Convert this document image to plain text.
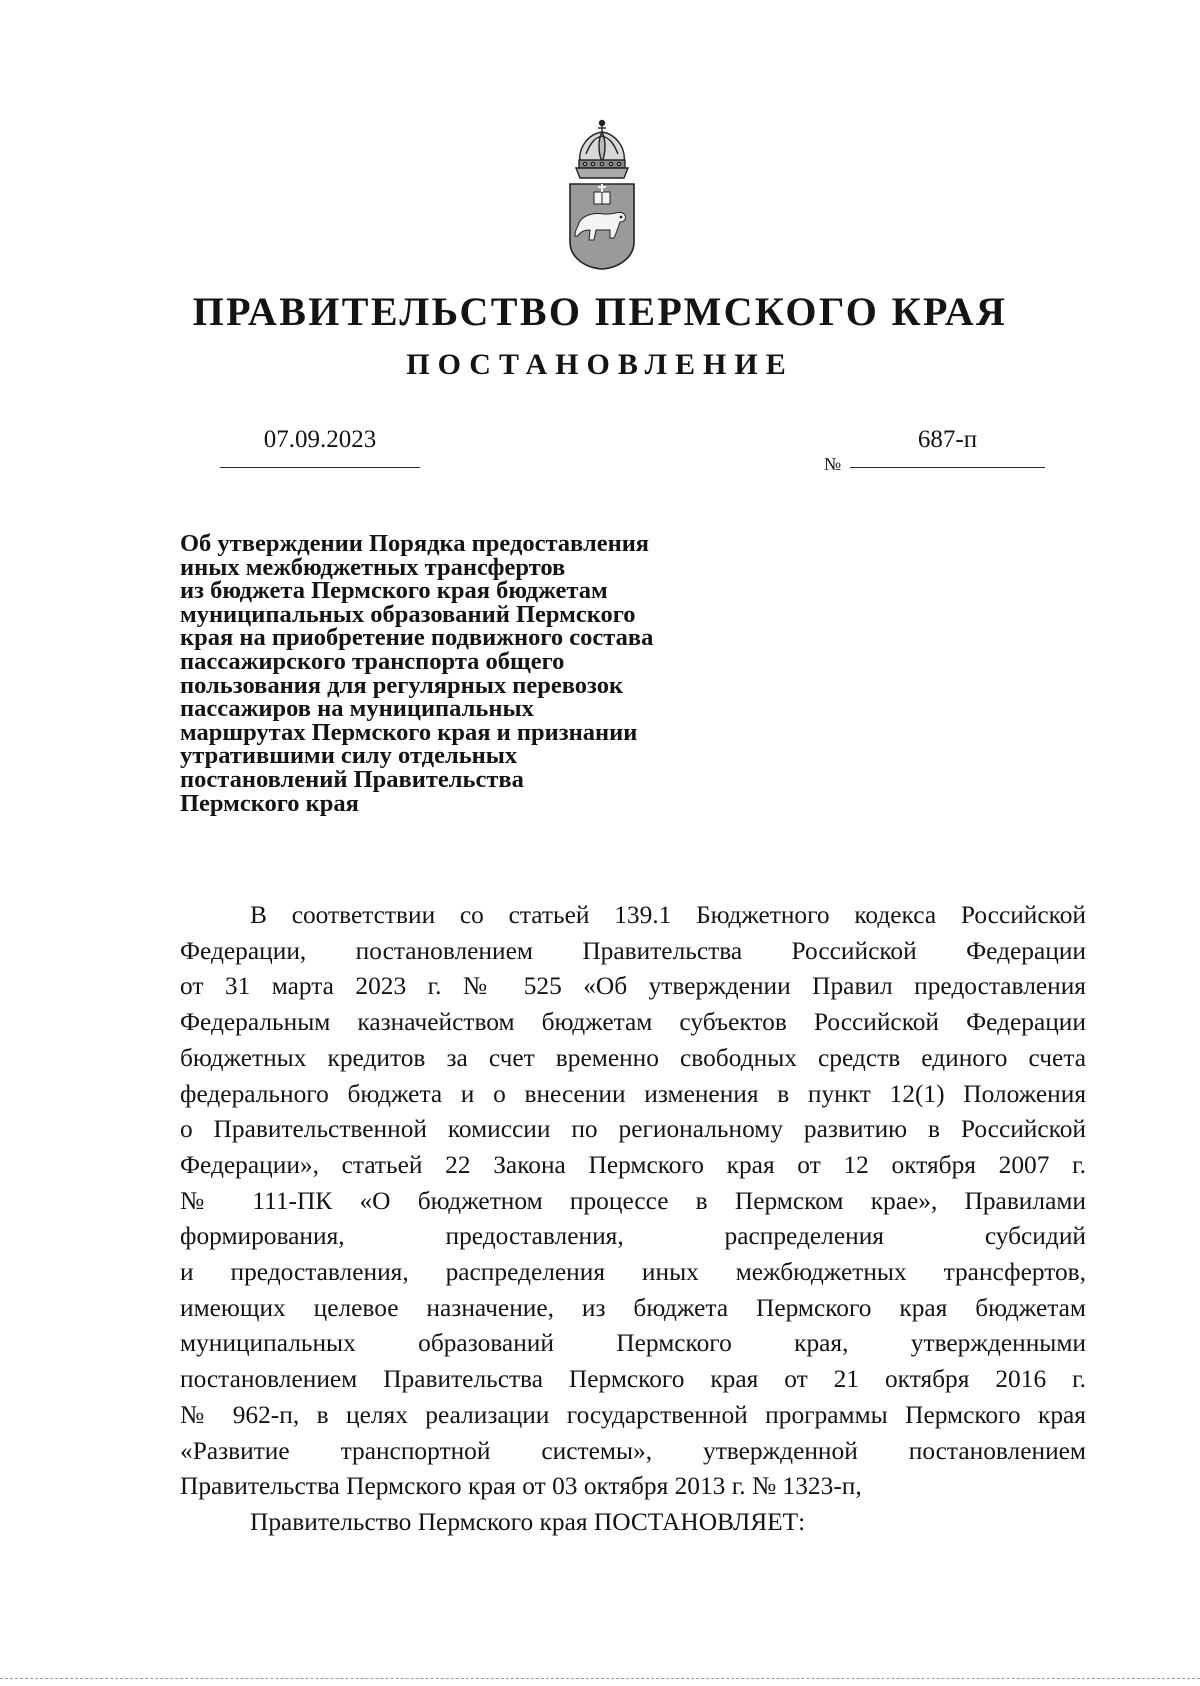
ПРАВИТЕЛЬСТВО ПЕРМСКОГО КРАЯ
ПОСТАНОВЛЕНИЕ
07.09.2023
№
687-п
Об утверждении Порядка предоставления
иных межбюджетных трансфертов
из бюджета Пермского края бюджетам
муниципальных образований Пермского
края на приобретение подвижного состава
пассажирского транспорта общего
пользования для регулярных перевозок
пассажиров на муниципальных
маршрутах Пермского края и признании
утратившими силу отдельных
постановлений Правительства
Пермского края
В соответствии со статьей 139.1 Бюджетного кодекса Российской
Федерации, постановлением Правительства Российской Федерации
от 31 марта 2023 г. № 525 «Об утверждении Правил предоставления
Федеральным казначейством бюджетам субъектов Российской Федерации
бюджетных кредитов за счет временно свободных средств единого счета
федерального бюджета и о внесении изменения в пункт 12(1) Положения
о Правительственной комиссии по региональному развитию в Российской
Федерации», статьей 22 Закона Пермского края от 12 октября 2007 г.
№ 111-ПК «О бюджетном процессе в Пермском крае», Правилами
формирования, предоставления, распределения субсидий
и предоставления, распределения иных межбюджетных трансфертов,
имеющих целевое назначение, из бюджета Пермского края бюджетам
муниципальных образований Пермского края, утвержденными
постановлением Правительства Пермского края от 21 октября 2016 г.
№ 962-п, в целях реализации государственной программы Пермского края
«Развитие транспортной системы», утвержденной постановлением
Правительства Пермского края от 03 октября 2013 г. № 1323-п,
Правительство Пермского края ПОСТАНОВЛЯЕТ:
